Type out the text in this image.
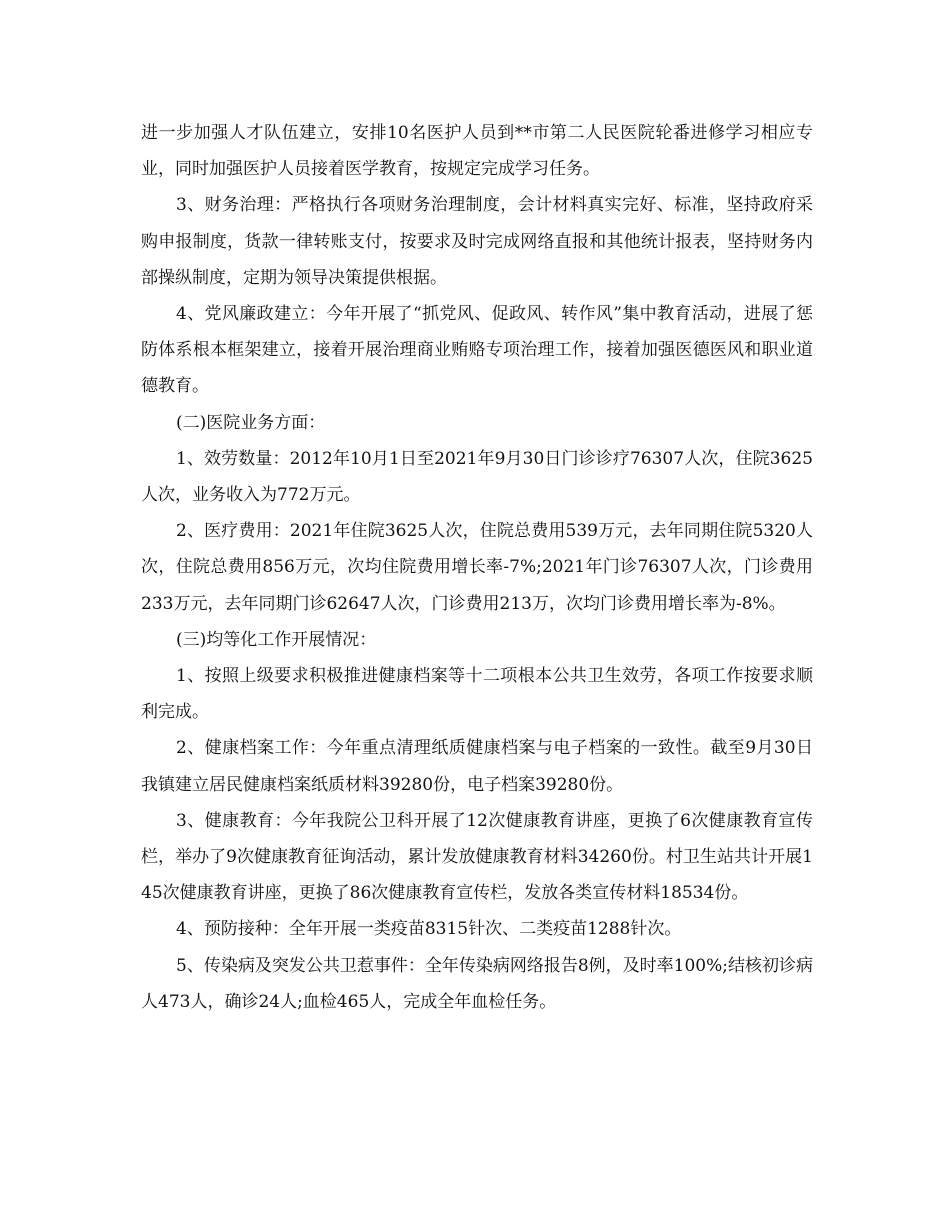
进一步加强人才队伍建立，安排10名医护人员到**市第二人民医院轮番进修学习相应专业，同时加强医护人员接着医学教育，按规定完成学习任务。

3、财务治理：严格执行各项财务治理制度，会计材料真实完好、标准，坚持政府采购申报制度，货款一律转账支付，按要求及时完成网络直报和其他统计报表，坚持财务内部操纵制度，定期为领导决策提供根据。

4、党风廉政建立：今年开展了“抓党风、促政风、转作风”集中教育活动，进展了惩防体系根本框架建立，接着开展治理商业贿赂专项治理工作，接着加强医德医风和职业道德教育。

(二)医院业务方面：

1、效劳数量：2012年10月1日至2021年9月30日门诊诊疗76307人次，住院3625人次，业务收入为772万元。

2、医疗费用：2021年住院3625人次，住院总费用539万元，去年同期住院5320人次，住院总费用856万元，次均住院费用增长率-7%;2021年门诊76307人次，门诊费用233万元，去年同期门诊62647人次，门诊费用213万，次均门诊费用增长率为-8%。

(三)均等化工作开展情况：

1、按照上级要求积极推进健康档案等十二项根本公共卫生效劳，各项工作按要求顺利完成。

2、健康档案工作：今年重点清理纸质健康档案与电子档案的一致性。截至9月30日我镇建立居民健康档案纸质材料39280份，电子档案39280份。

3、健康教育：今年我院公卫科开展了12次健康教育讲座，更换了6次健康教育宣传栏，举办了9次健康教育征询活动，累计发放健康教育材料34260份。村卫生站共计开展145次健康教育讲座，更换了86次健康教育宣传栏，发放各类宣传材料18534份。

4、预防接种：全年开展一类疫苗8315针次、二类疫苗1288针次。

5、传染病及突发公共卫惹事件：全年传染病网络报告8例，及时率100%;结核初诊病人473人，确诊24人;血检465人，完成全年血检任务。
